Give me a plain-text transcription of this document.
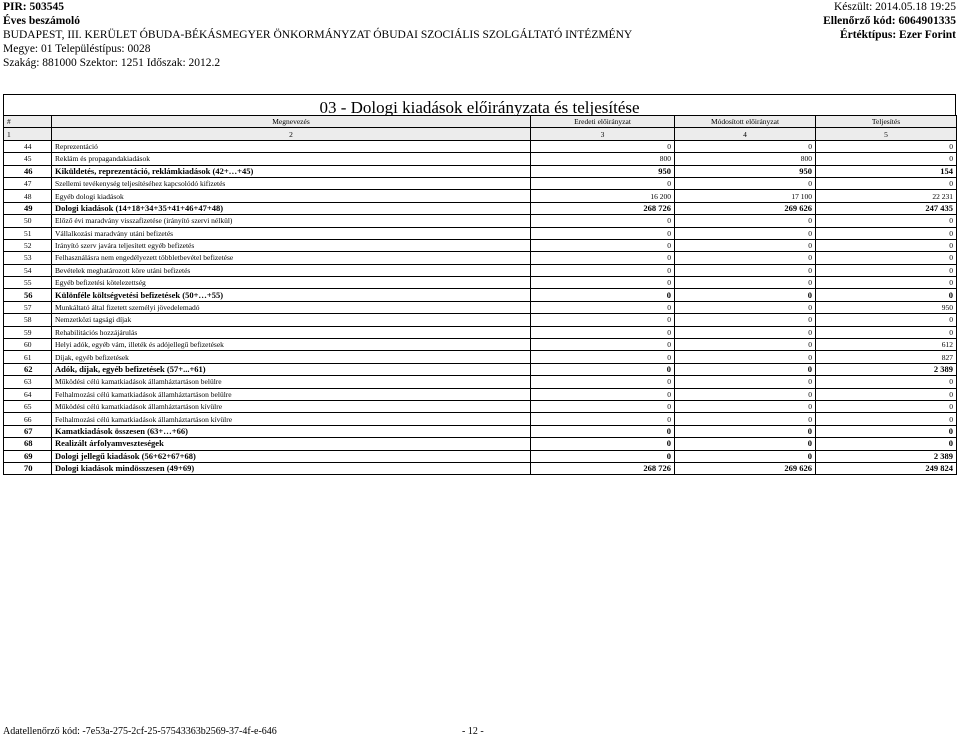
PIR: 503545
Éves beszámoló
BUDAPEST, III. KERÜLET ÓBUDA-BÉKÁSMEGYER ÖNKORMÁNYZAT ÓBUDAI SZOCIÁLIS SZOLGÁLTATÓ INTÉZMÉNY
Megye: 01 Településtípus: 0028
Szakág: 881000 Szektor: 1251 Időszak: 2012.2
Készült: 2014.05.18 19:25
Ellenőrző kód: 6064901335
Értéktípus: Ezer Forint
03 - Dologi kiadások előirányzata és teljesítése
#	Megnevezés	Eredeti előirányzat	Módosított előirányzat	Teljesítés
1	2	3	4	5
44	Reprezentáció	0	0	0
45	Reklám és propagandakiadások	800	800	0
46	Kiküldetés, reprezentáció, reklámkiadások (42+…+45)	950	950	154
47	Szellemi tevékenység teljesítéséhez kapcsolódó kifizetés	0	0	0
48	Egyéb dologi kiadások	16 200	17 100	22 231
49	Dologi kiadások (14+18+34+35+41+46+47+48)	268 726	269 626	247 435
50	Előző évi maradvány visszafizetése (irányító szervi nélkül)	0	0	0
51	Vállalkozási maradvány utáni befizetés	0	0	0
52	Irányító szerv javára teljesített egyéb befizetés	0	0	0
53	Felhasználásra nem engedélyezett többletbevétel befizetése	0	0	0
54	Bevételek meghatározott köre utáni befizetés	0	0	0
55	Egyéb befizetési kötelezettség	0	0	0
56	Különféle költségvetési befizetések (50+…+55)	0	0	0
57	Munkáltató által fizetett személyi jövedelemadó	0	0	950
58	Nemzetközi tagsági díjak	0	0	0
59	Rehabilitációs hozzájárulás	0	0	0
60	Helyi adók, egyéb vám, illeték és adójellegű befizetések	0	0	612
61	Díjak, egyéb befizetések	0	0	827
62	Adók, díjak, egyéb befizetések (57+...+61)	0	0	2 389
63	Működési célú kamatkiadások államháztartáson belülre	0	0	0
64	Felhalmozási célú kamatkiadások államháztartáson belülre	0	0	0
65	Működési célú kamatkiadások államháztartáson kívülre	0	0	0
66	Felhalmozási célú kamatkiadások államháztartáson kívülre	0	0	0
67	Kamatkiadások összesen (63+…+66)	0	0	0
68	Realizált árfolyamveszteségek	0	0	0
69	Dologi jellegű kiadások (56+62+67+68)	0	0	2 389
70	Dologi kiadások mindösszesen (49+69)	268 726	269 626	249 824
Adatellenőrző kód: -7e53a-275-2cf-25-57543363b2569-37-4f-e-646	- 12 -
